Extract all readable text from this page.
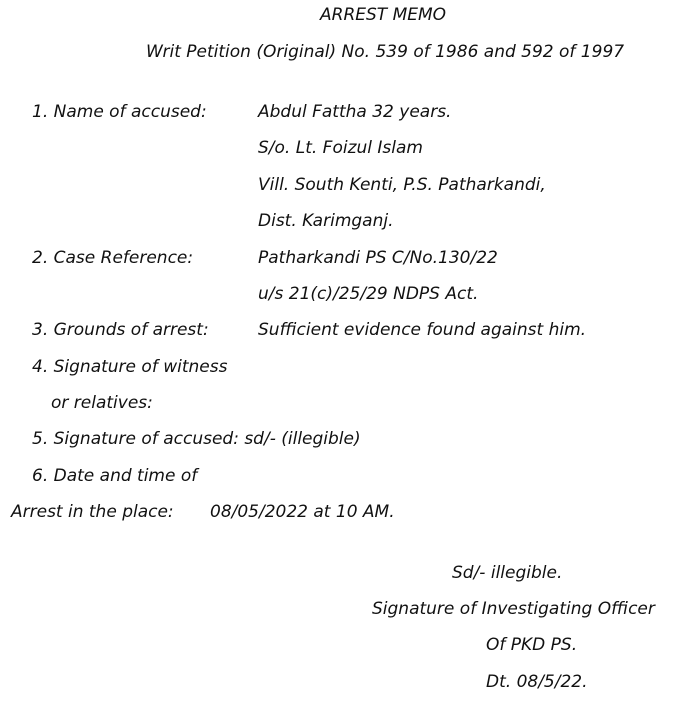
ARREST MEMO
Writ Petition (Original) No. 539 of 1986 and 592 of 1997
1. Name of accused:	Abdul Fattha 32 years.
S/o. Lt. Foizul Islam
Vill. South Kenti, P.S. Patharkandi,
Dist. Karimganj.
2. Case Reference:	Patharkandi PS C/No.130/22
u/s 21(c)/25/29 NDPS Act.
3. Grounds of arrest:	Sufficient evidence found against him.
4. Signature of witness
or relatives:
5. Signature of accused: sd/- (illegible)
6. Date and time of
Arrest in the place: 08/05/2022 at 10 AM.
Sd/- illegible.
Signature of Investigating Officer
Of PKD PS.
Dt. 08/5/22.
